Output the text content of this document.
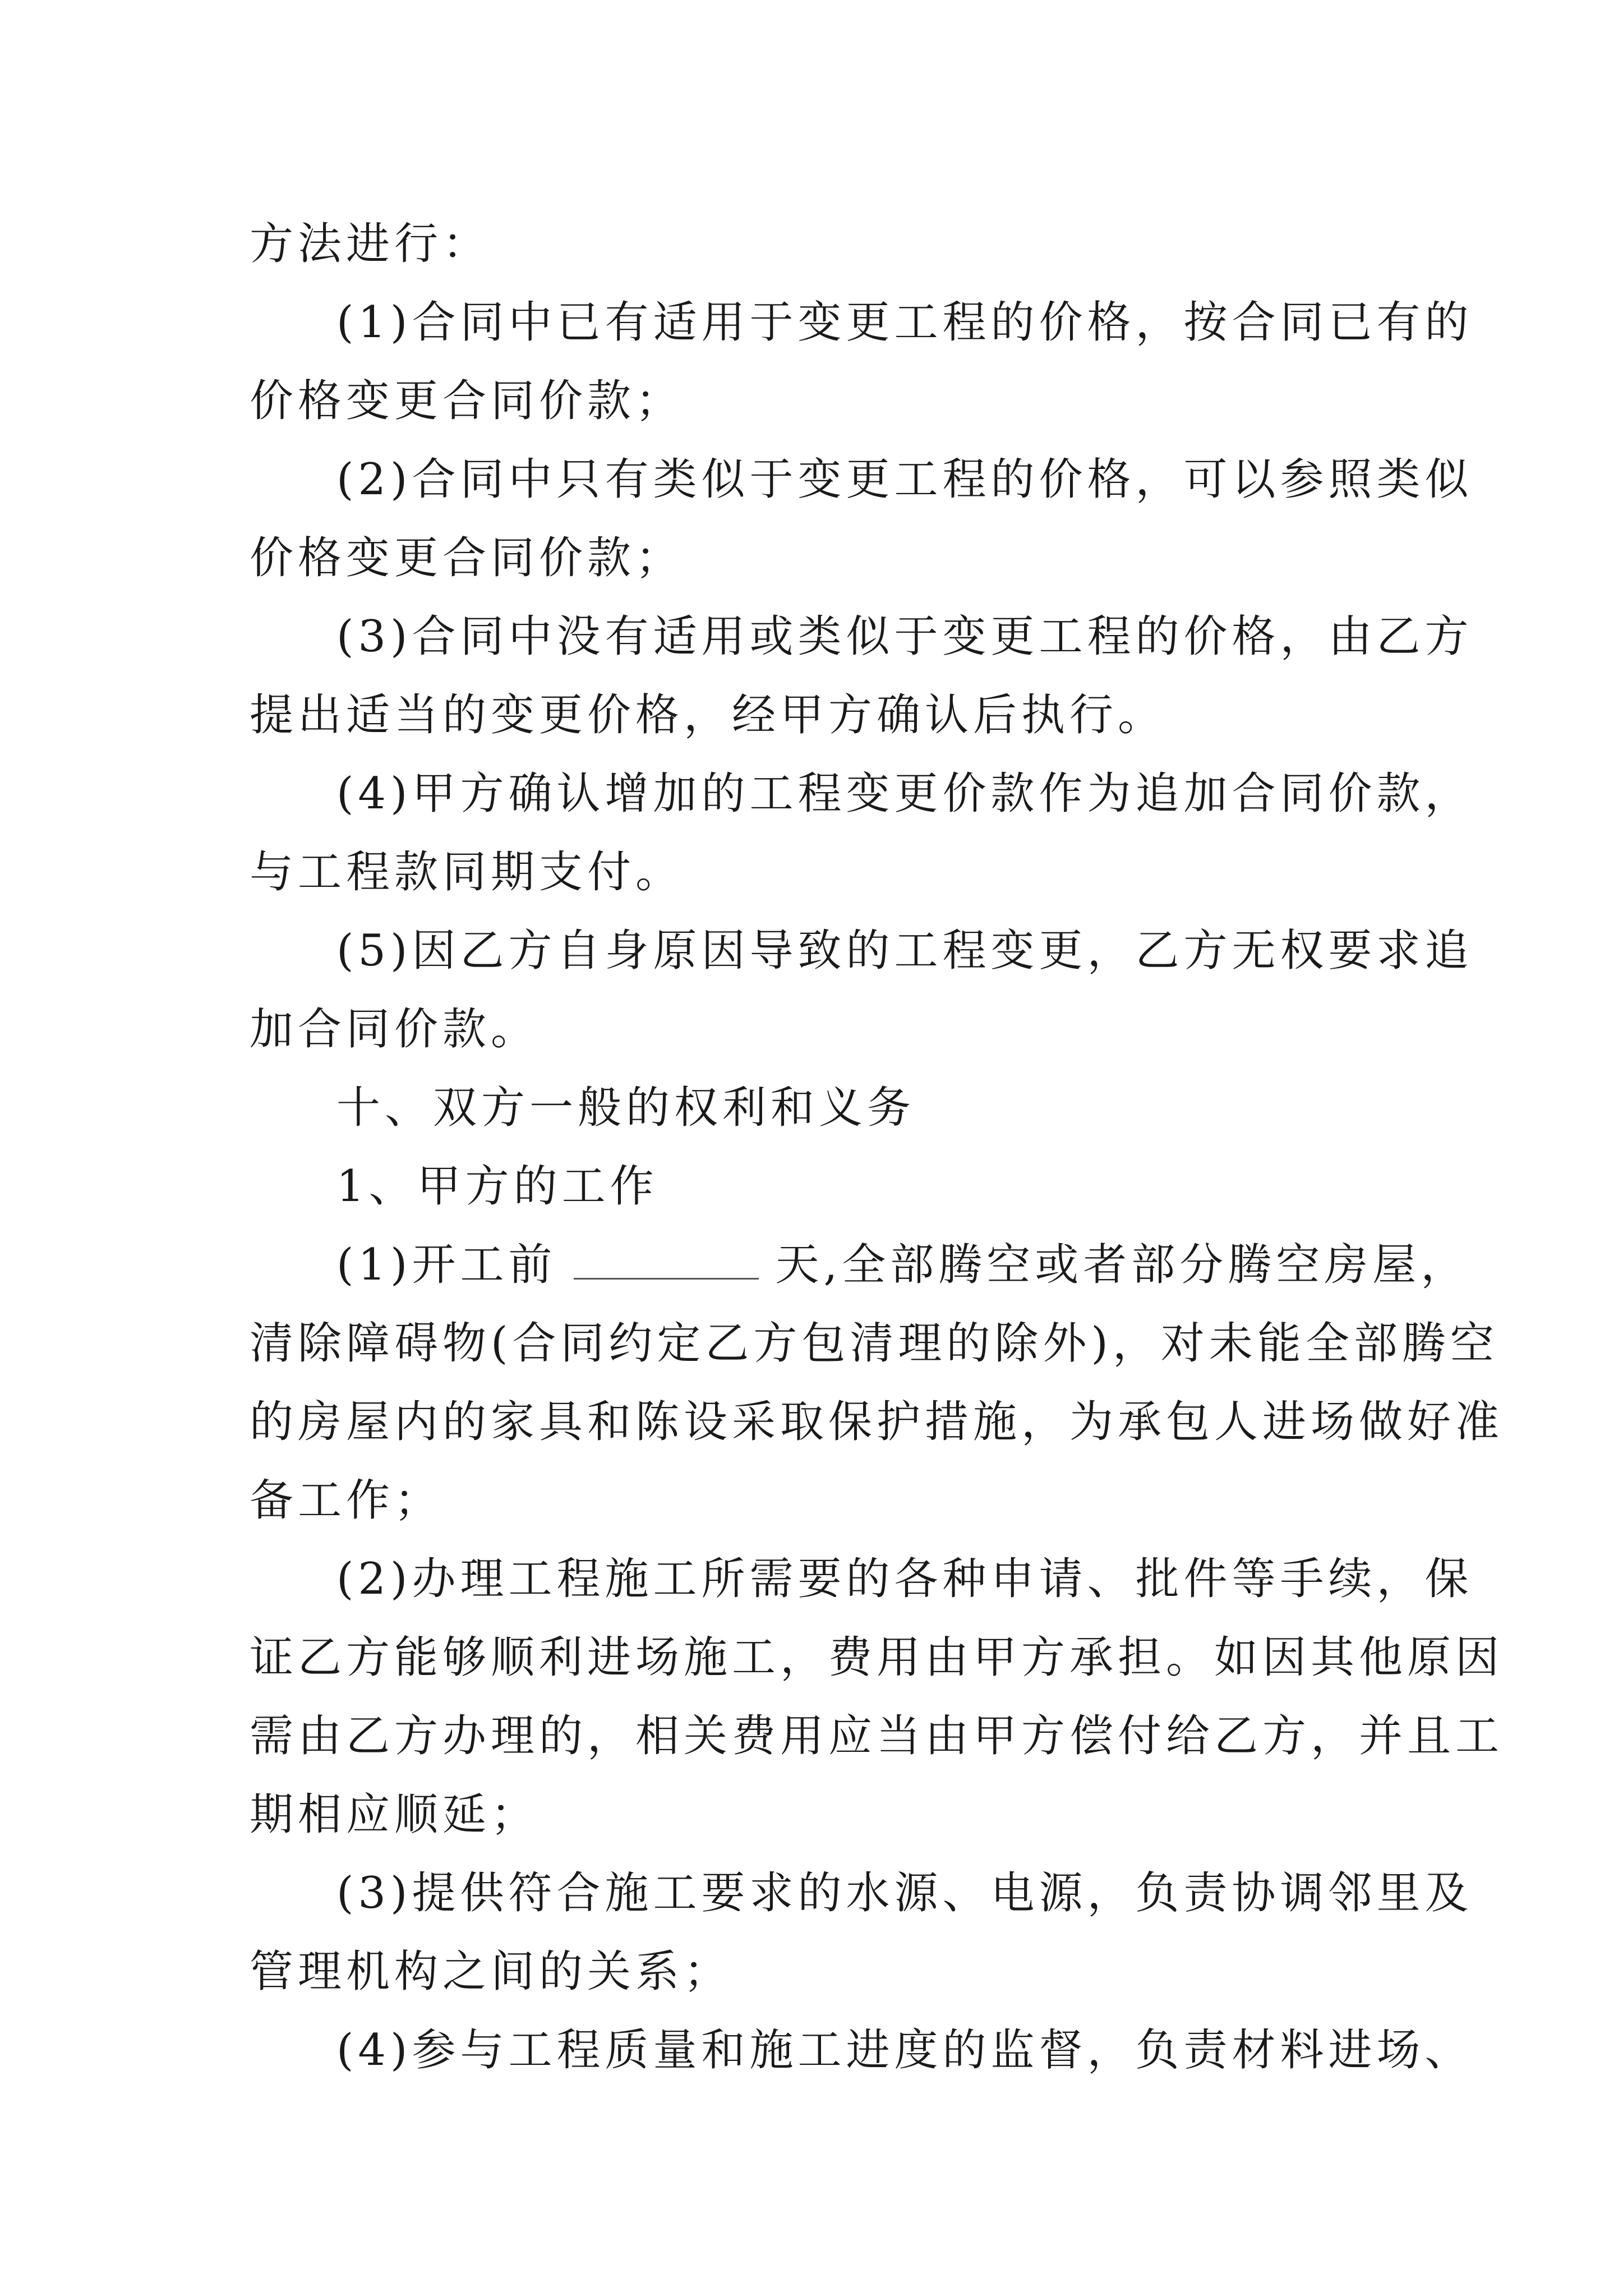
方法进行：
(1)合同中已有适用于变更工程的价格，按合同已有的
价格变更合同价款；
(2)合同中只有类似于变更工程的价格，可以参照类似
价格变更合同价款；
(3)合同中没有适用或类似于变更工程的价格，由乙方
提出适当的变更价格，经甲方确认后执行。
(4)甲方确认增加的工程变更价款作为追加合同价款，
与工程款同期支付。
(5)因乙方自身原因导致的工程变更，乙方无权要求追
加合同价款。
十、双方一般的权利和义务
1、甲方的工作
(1)开工前	天,全部腾空或者部分腾空房屋，
清除障碍物(合同约定乙方包清理的除外)，对未能全部腾空
的房屋内的家具和陈设采取保护措施，为承包人进场做好准
备工作；
(2)办理工程施工所需要的各种申请、批件等手续，保
证乙方能够顺利进场施工，费用由甲方承担。如因其他原因
需由乙方办理的，相关费用应当由甲方偿付给乙方，并且工
期相应顺延；
(3)提供符合施工要求的水源、电源，负责协调邻里及
管理机构之间的关系；
(4)参与工程质量和施工进度的监督，负责材料进场、
